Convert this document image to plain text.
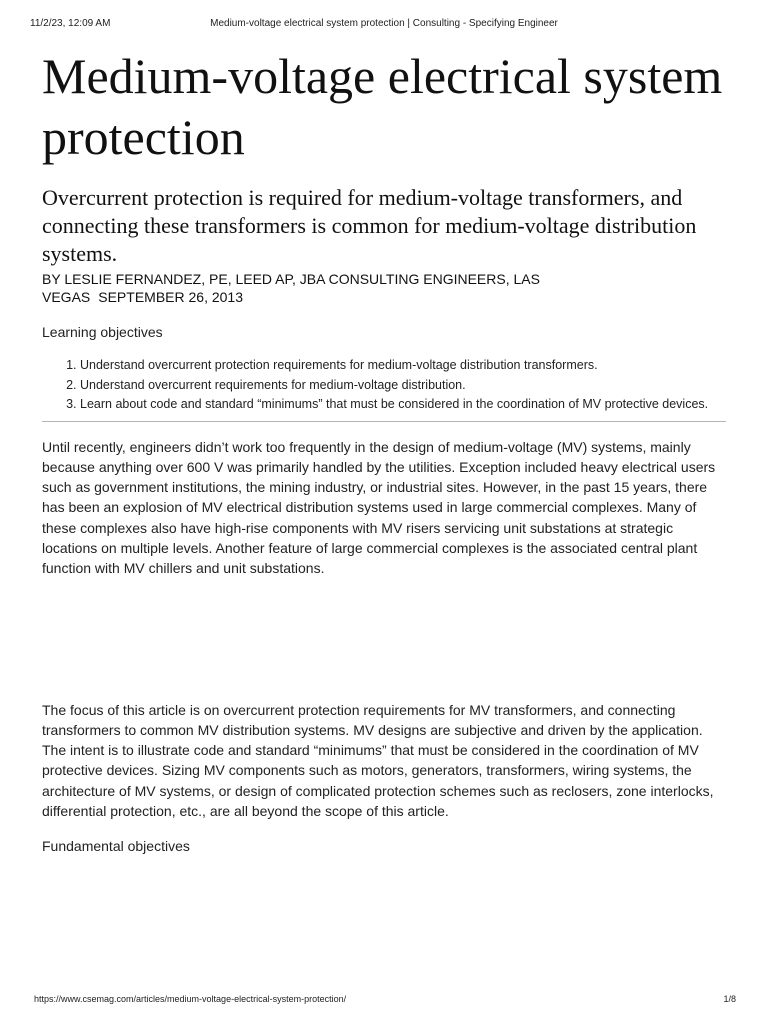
11/2/23, 12:09 AM	Medium-voltage electrical system protection | Consulting - Specifying Engineer
Medium-voltage electrical system protection
Overcurrent protection is required for medium-voltage transformers, and connecting these transformers is common for medium-voltage distribution systems.
BY LESLIE FERNANDEZ, PE, LEED AP, JBA CONSULTING ENGINEERS, LAS VEGAS SEPTEMBER 26, 2013
Learning objectives
1. Understand overcurrent protection requirements for medium-voltage distribution transformers.
2. Understand overcurrent requirements for medium-voltage distribution.
3. Learn about code and standard “minimums” that must be considered in the coordination of MV protective devices.

Until recently, engineers didn’t work too frequently in the design of medium-voltage (MV) systems, mainly because anything over 600 V was primarily handled by the utilities. Exception included heavy electrical users such as government institutions, the mining industry, or industrial sites. However, in the past 15 years, there has been an explosion of MV electrical distribution systems used in large commercial complexes. Many of these complexes also have high-rise components with MV risers servicing unit substations at strategic locations on multiple levels. Another feature of large commercial complexes is the associated central plant function with MV chillers and unit substations.

The focus of this article is on overcurrent protection requirements for MV transformers, and connecting transformers to common MV distribution systems. MV designs are subjective and driven by the application. The intent is to illustrate code and standard “minimums” that must be considered in the coordination of MV protective devices. Sizing MV components such as motors, generators, transformers, wiring systems, the architecture of MV systems, or design of complicated protection schemes such as reclosers, zone interlocks, differential protection, etc., are all beyond the scope of this article.

Fundamental objectives
https://www.csemag.com/articles/medium-voltage-electrical-system-protection/	1/8
